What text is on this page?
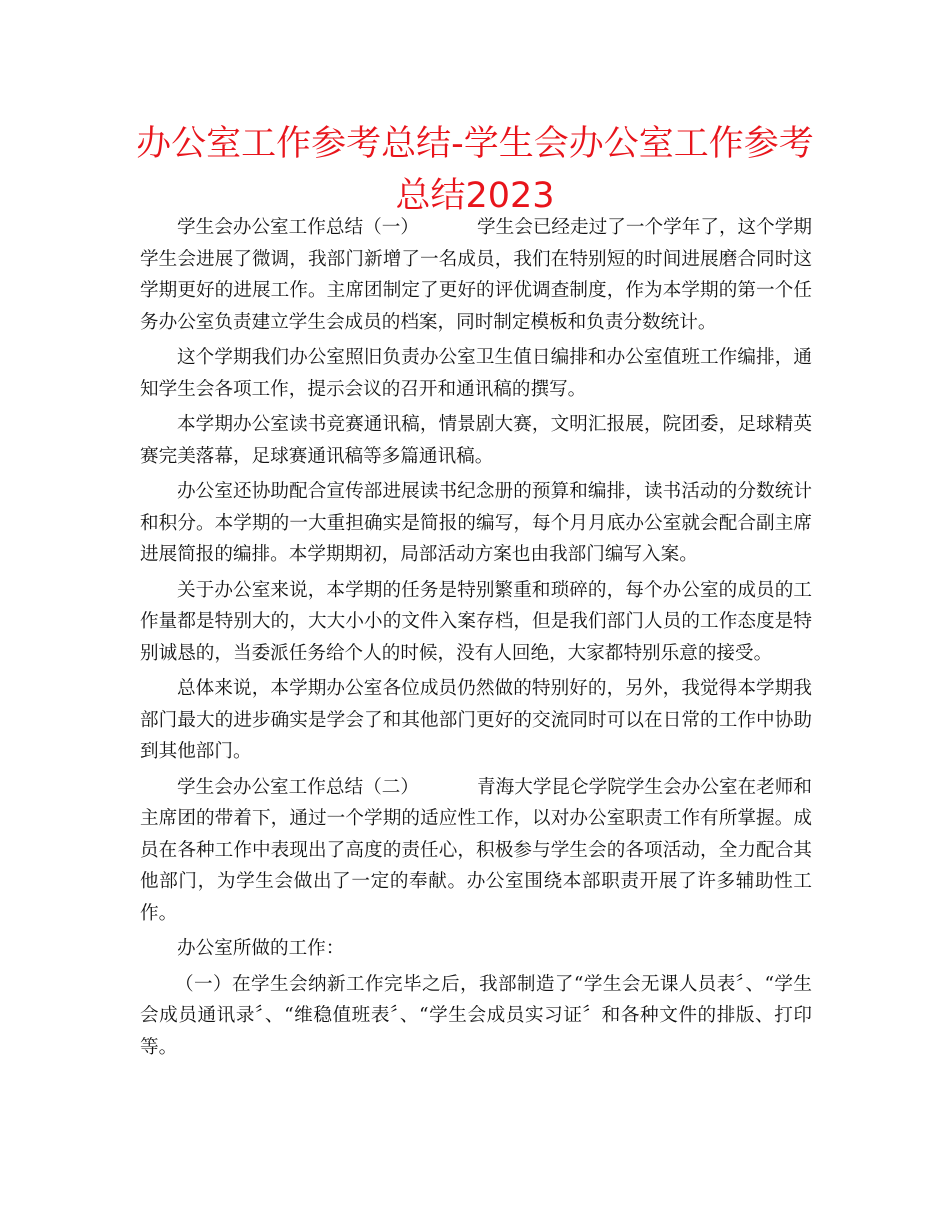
办公室工作参考总结-学生会办公室工作参考总结2023

学生会办公室工作总结（一）	学生会已经走过了一个学年了，这个学期学生会进展了微调，我部门新增了一名成员，我们在特别短的时间进展磨合同时这学期更好的进展工作。主席团制定了更好的评优调查制度，作为本学期的第一个任务办公室负责建立学生会成员的档案，同时制定模板和负责分数统计。

这个学期我们办公室照旧负责办公室卫生值日编排和办公室值班工作编排，通知学生会各项工作，提示会议的召开和通讯稿的撰写。

本学期办公室读书竞赛通讯稿，情景剧大赛，文明汇报展，院团委，足球精英赛完美落幕，足球赛通讯稿等多篇通讯稿。

办公室还协助配合宣传部进展读书纪念册的预算和编排，读书活动的分数统计和积分。本学期的一大重担确实是简报的编写，每个月月底办公室就会配合副主席进展简报的编排。本学期期初，局部活动方案也由我部门编写入案。

关于办公室来说，本学期的任务是特别繁重和琐碎的，每个办公室的成员的工作量都是特别大的，大大小小的文件入案存档，但是我们部门人员的工作态度是特别诚恳的，当委派任务给个人的时候，没有人回绝，大家都特别乐意的接受。

总体来说，本学期办公室各位成员仍然做的特别好的，另外，我觉得本学期我部门最大的进步确实是学会了和其他部门更好的交流同时可以在日常的工作中协助到其他部门。

学生会办公室工作总结（二）	青海大学昆仑学院学生会办公室在老师和主席团的带着下，通过一个学期的适应性工作，以对办公室职责工作有所掌握。成员在各种工作中表现出了高度的责任心，积极参与学生会的各项活动，全力配合其他部门，为学生会做出了一定的奉献。办公室围绕本部职责开展了许多辅助性工作。

办公室所做的工作：

（一）在学生会纳新工作完毕之后，我部制造了“学生会无课人员表〞、“学生会成员通讯录〞、“维稳值班表〞、“学生会成员实习证〞和各种文件的排版、打印等。
